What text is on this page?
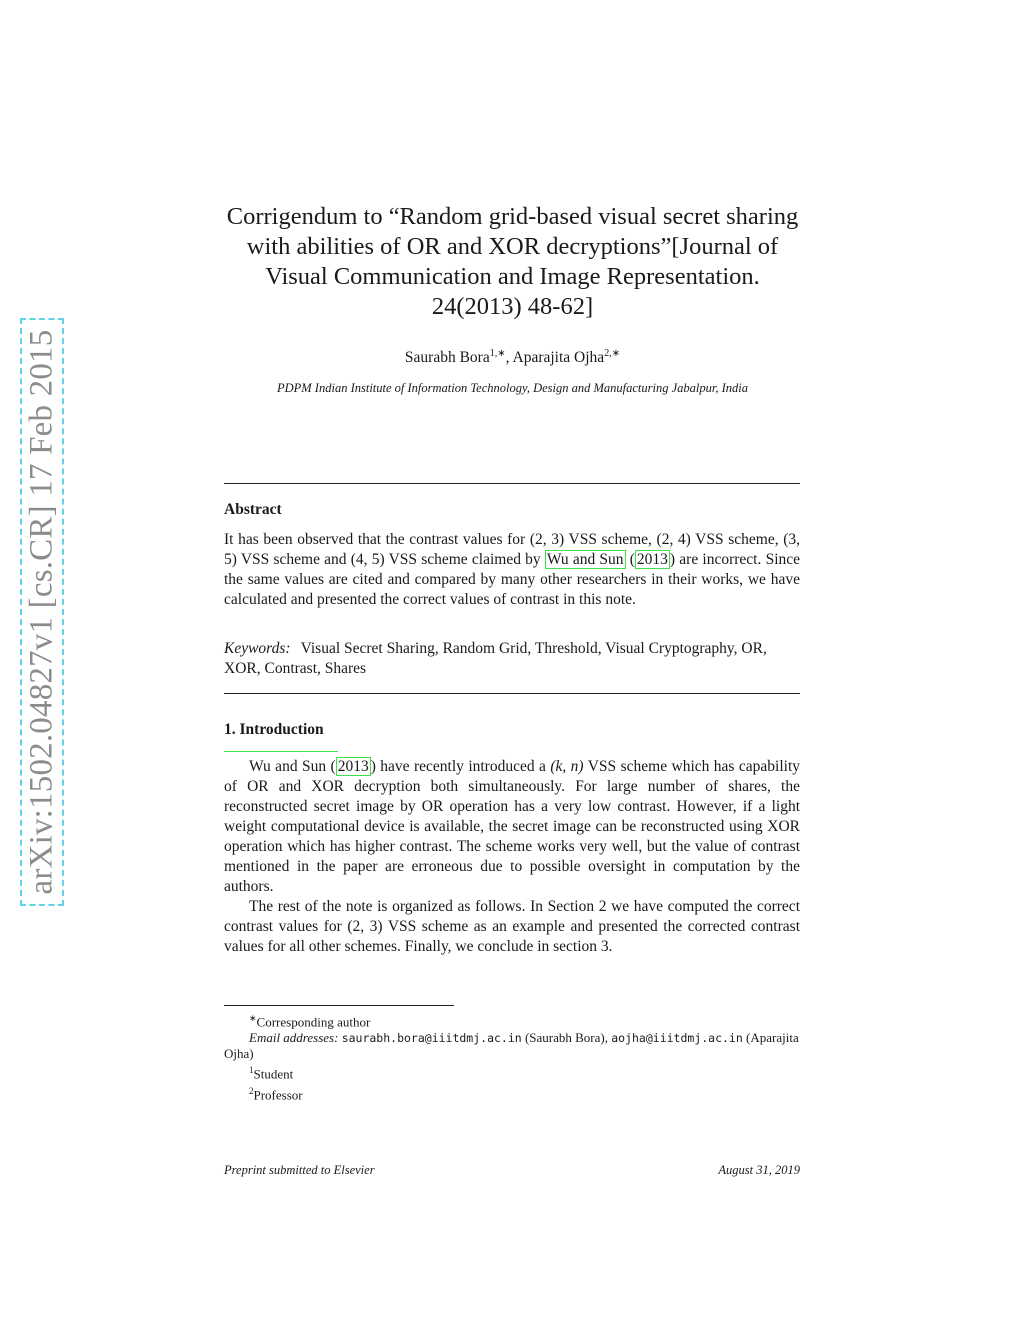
arXiv:1502.04827v1 [cs.CR] 17 Feb 2015
Corrigendum to “Random grid-based visual secret sharing with abilities of OR and XOR decryptions”[Journal of Visual Communication and Image Representation. 24(2013) 48-62]
Saurabh Bora$^{1,∗}$, Aparajita Ojha$^{2,∗}$
PDPM Indian Institute of Information Technology, Design and Manufacturing Jabalpur, India
Abstract
It has been observed that the contrast values for (2, 3) VSS scheme, (2, 4) VSS scheme, (3, 5) VSS scheme and (4, 5) VSS scheme claimed by Wu and Sun ( 2013 ) are incorrect. Since the same values are cited and compared by many other researchers in their works, we have calculated and presented the correct values of contrast in this note.
Keywords: Visual Secret Sharing, Random Grid, Threshold, Visual Cryptography, OR, XOR, Contrast, Shares
1. Introduction
Wu and Sun ( 2013 ) have recently introduced a (k, n) VSS scheme which has capability of OR and XOR decryption both simultaneously. For large number of shares, the reconstructed secret image by OR operation has a very low contrast. However, if a light weight computational device is available, the secret image can be reconstructed using XOR operation which has higher contrast. The scheme works very well, but the value of contrast mentioned in the paper are erroneous due to possible oversight in computation by the authors.
The rest of the note is organized as follows. In Section 2 we have computed the correct contrast values for (2, 3) VSS scheme as an example and presented the corrected contrast values for all other schemes. Finally, we conclude in section 3.
∗Corresponding author
Email addresses: saurabh.bora@iiitdmj.ac.in (Saurabh Bora), aojha@iiitdmj.ac.in (Aparajita Ojha)
$^1$Student
$^2$Professor
Preprint submitted to Elsevier	August 31, 2019
